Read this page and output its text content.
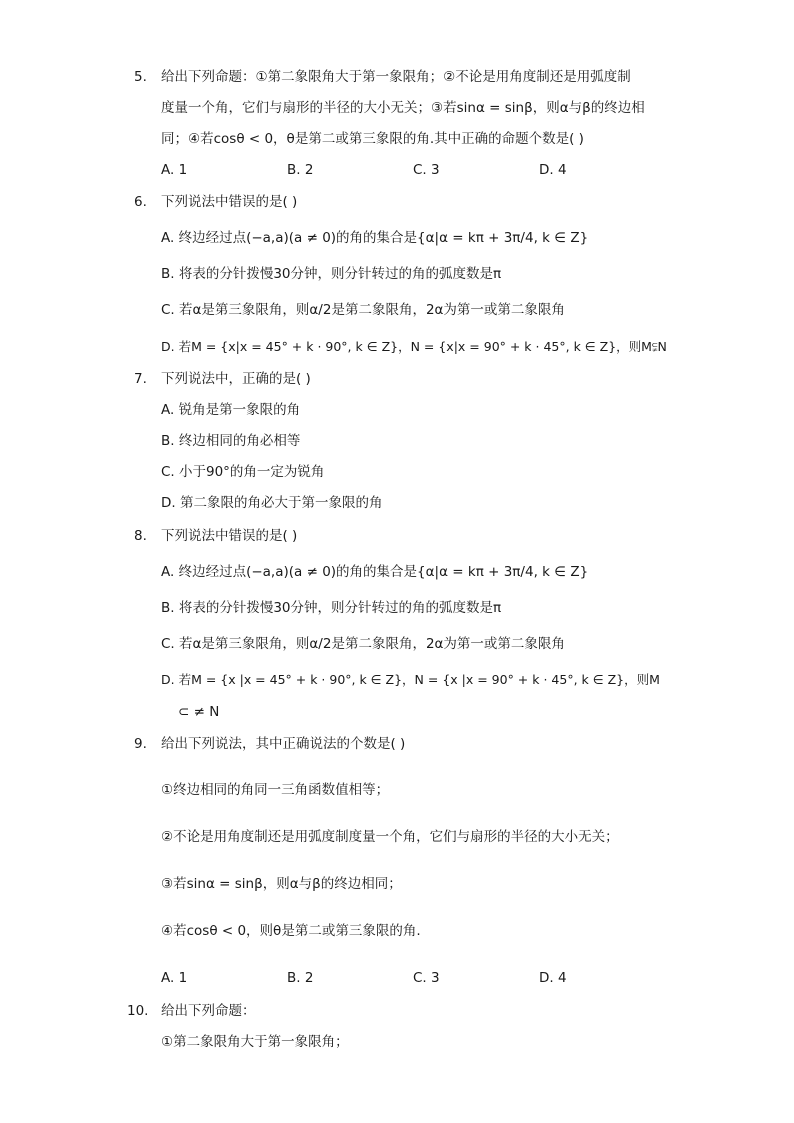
5. 给出下列命题：①第二象限角大于第一象限角；②不论是用角度制还是用弧度制
度量一个角，它们与扇形的半径的大小无关；③若sinα = sinβ，则α与β的终边相
同；④若cosθ < 0，θ是第二或第三象限的角.其中正确的命题个数是( )
A. 1	B. 2	C. 3	D. 4
6. 下列说法中错误的是( )
A. 终边经过点(−a,a)(a ≠ 0)的角的集合是{α|α = kπ + 3π/4, k ∈ Z}
B. 将表的分针拨慢30分钟，则分针转过的角的弧度数是π
C. 若α是第三象限角，则α/2是第二象限角，2α为第一或第二象限角
D. 若M = {x|x = 45° + k · 90°, k ∈ Z}，N = {x|x = 90° + k · 45°, k ∈ Z}，则M⫋N
7. 下列说法中，正确的是( )
A. 锐角是第一象限的角
B. 终边相同的角必相等
C. 小于90°的角一定为锐角
D. 第二象限的角必大于第一象限的角
8. 下列说法中错误的是( )
A. 终边经过点(−a,a)(a ≠ 0)的角的集合是{α|α = kπ + 3π/4, k ∈ Z}
B. 将表的分针拨慢30分钟，则分针转过的角的弧度数是π
C. 若α是第三象限角，则α/2是第二象限角，2α为第一或第二象限角
D. 若M = {x |x = 45° + k · 90°, k ∈ Z}，N = {x |x = 90° + k · 45°, k ∈ Z}，则M
⊂ ≠ N
9. 给出下列说法，其中正确说法的个数是( )
①终边相同的角同一三角函数值相等；
②不论是用角度制还是用弧度制度量一个角，它们与扇形的半径的大小无关；
③若sinα = sinβ，则α与β的终边相同；
④若cosθ < 0，则θ是第二或第三象限的角.
A. 1	B. 2	C. 3	D. 4
10. 给出下列命题：
①第二象限角大于第一象限角；
